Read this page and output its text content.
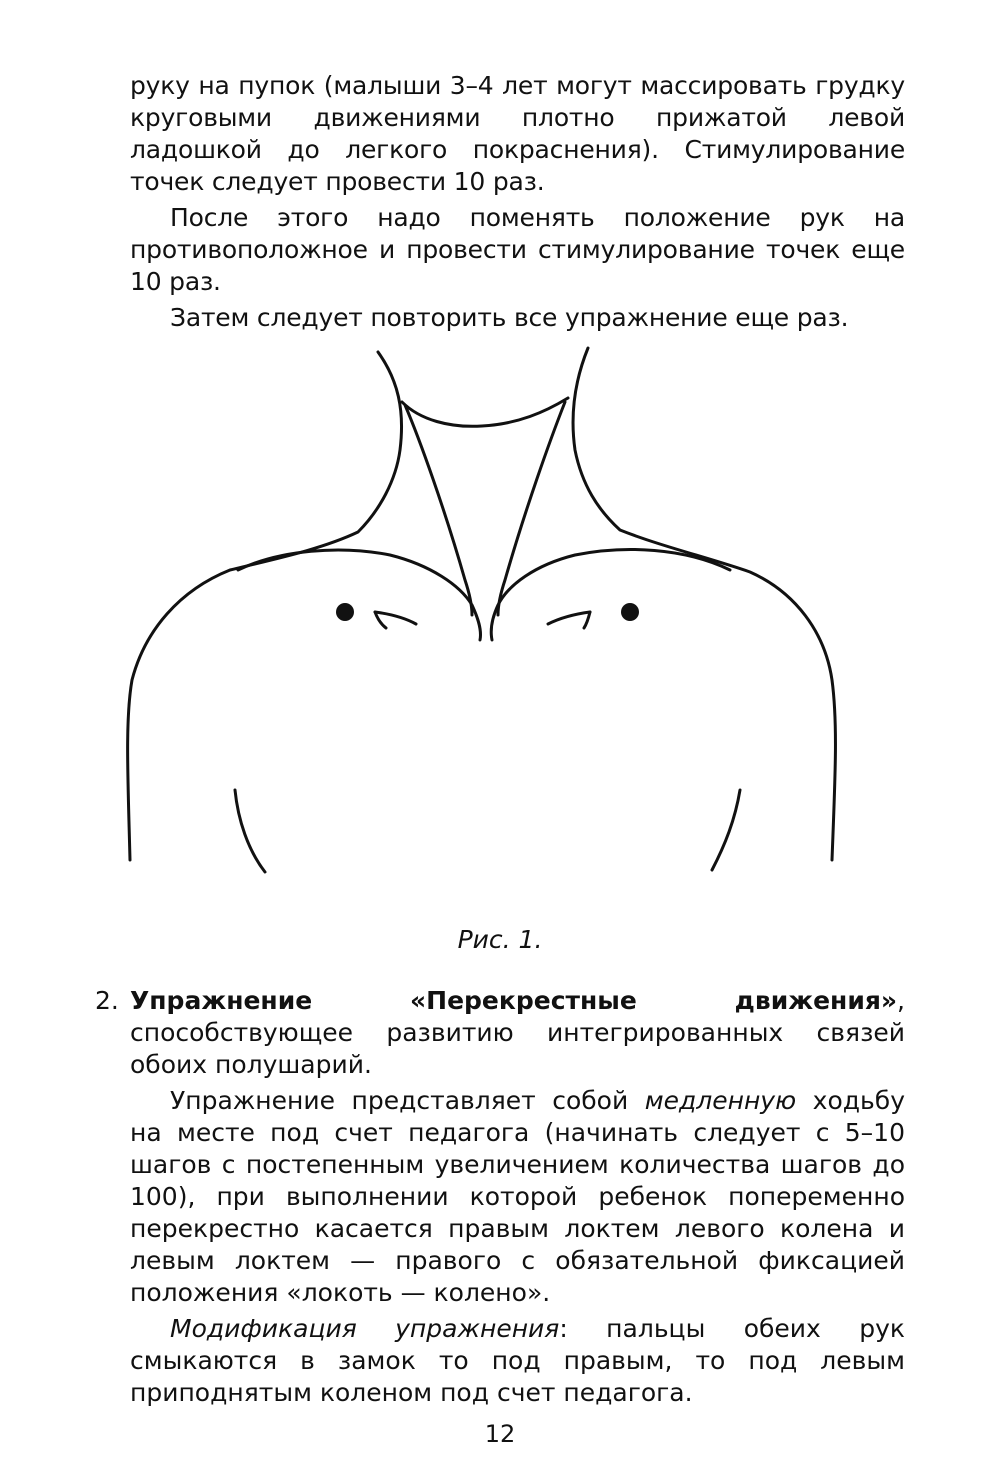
руку на пупок (малыши 3–4 лет могут массировать грудку круговыми движениями плотно прижатой левой ладошкой до легкого покраснения). Стимулирование точек следует провести 10 раз.

После этого надо поменять положение рук на противоположное и провести стимулирование точек еще 10 раз.

Затем следует повторить все упражнение еще раз.

Рис. 1.
2. Упражнение «Перекрестные движения», способствующее развитию интегрированных связей обоих полушарий.

Упражнение представляет собой медленную ходьбу на месте под счет педагога (начинать следует с 5–10 шагов с постепенным увеличением количества шагов до 100), при выполнении которой ребенок попеременно перекрестно касается правым локтем левого колена и левым локтем — правого с обязательной фиксацией положения «локоть — колено».

Модификация упражнения: пальцы обеих рук смыкаются в замок то под правым, то под левым приподнятым коленом под счет педагога.

12
